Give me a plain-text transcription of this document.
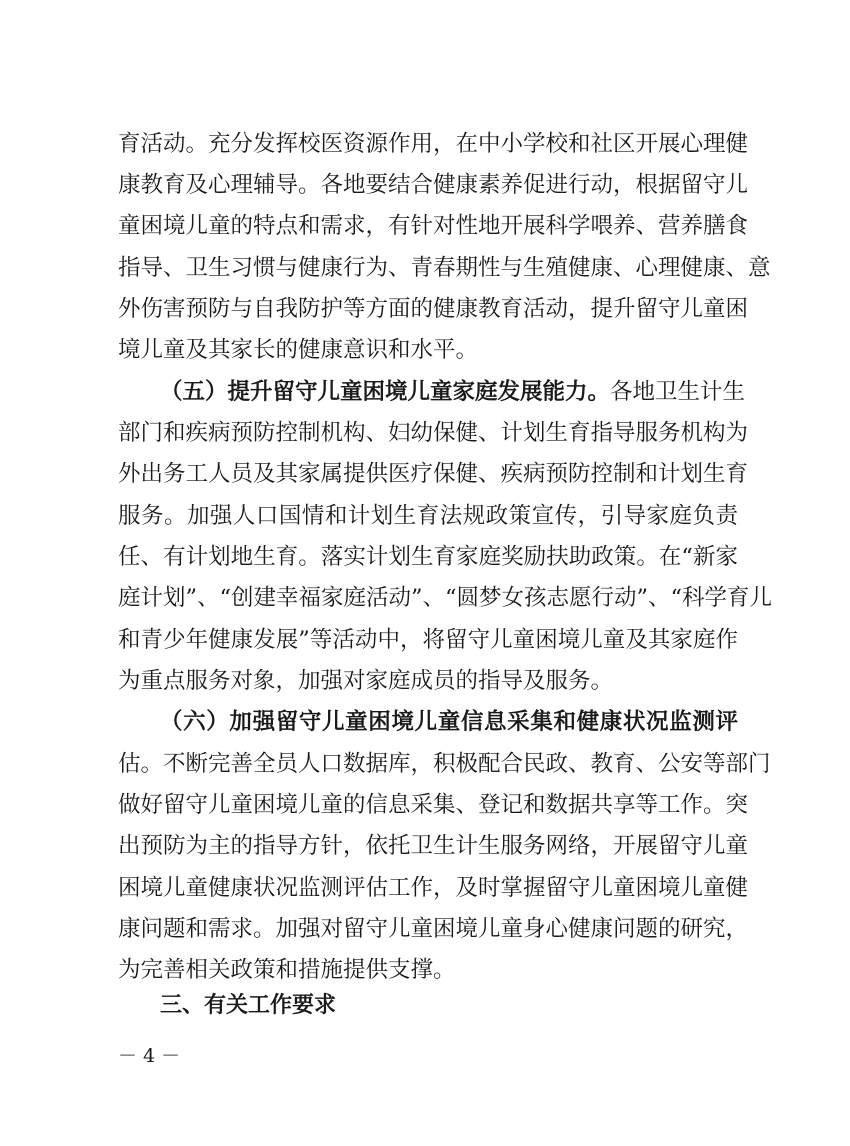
育活动。充分发挥校医资源作用，在中小学校和社区开展心理健
康教育及心理辅导。各地要结合健康素养促进行动，根据留守儿
童困境儿童的特点和需求，有针对性地开展科学喂养、营养膳食
指导、卫生习惯与健康行为、青春期性与生殖健康、心理健康、意
外伤害预防与自我防护等方面的健康教育活动，提升留守儿童困
境儿童及其家长的健康意识和水平。
（五）提升留守儿童困境儿童家庭发展能力。各地卫生计生
部门和疾病预防控制机构、妇幼保健、计划生育指导服务机构为
外出务工人员及其家属提供医疗保健、疾病预防控制和计划生育
服务。加强人口国情和计划生育法规政策宣传，引导家庭负责
任、有计划地生育。落实计划生育家庭奖励扶助政策。在“新家
庭计划”、“创建幸福家庭活动”、“圆梦女孩志愿行动”、“科学育儿
和青少年健康发展”等活动中，将留守儿童困境儿童及其家庭作
为重点服务对象，加强对家庭成员的指导及服务。
（六）加强留守儿童困境儿童信息采集和健康状况监测评
估。不断完善全员人口数据库，积极配合民政、教育、公安等部门
做好留守儿童困境儿童的信息采集、登记和数据共享等工作。突
出预防为主的指导方针，依托卫生计生服务网络，开展留守儿童
困境儿童健康状况监测评估工作，及时掌握留守儿童困境儿童健
康问题和需求。加强对留守儿童困境儿童身心健康问题的研究，
为完善相关政策和措施提供支撑。
三、有关工作要求
－ 4 －
